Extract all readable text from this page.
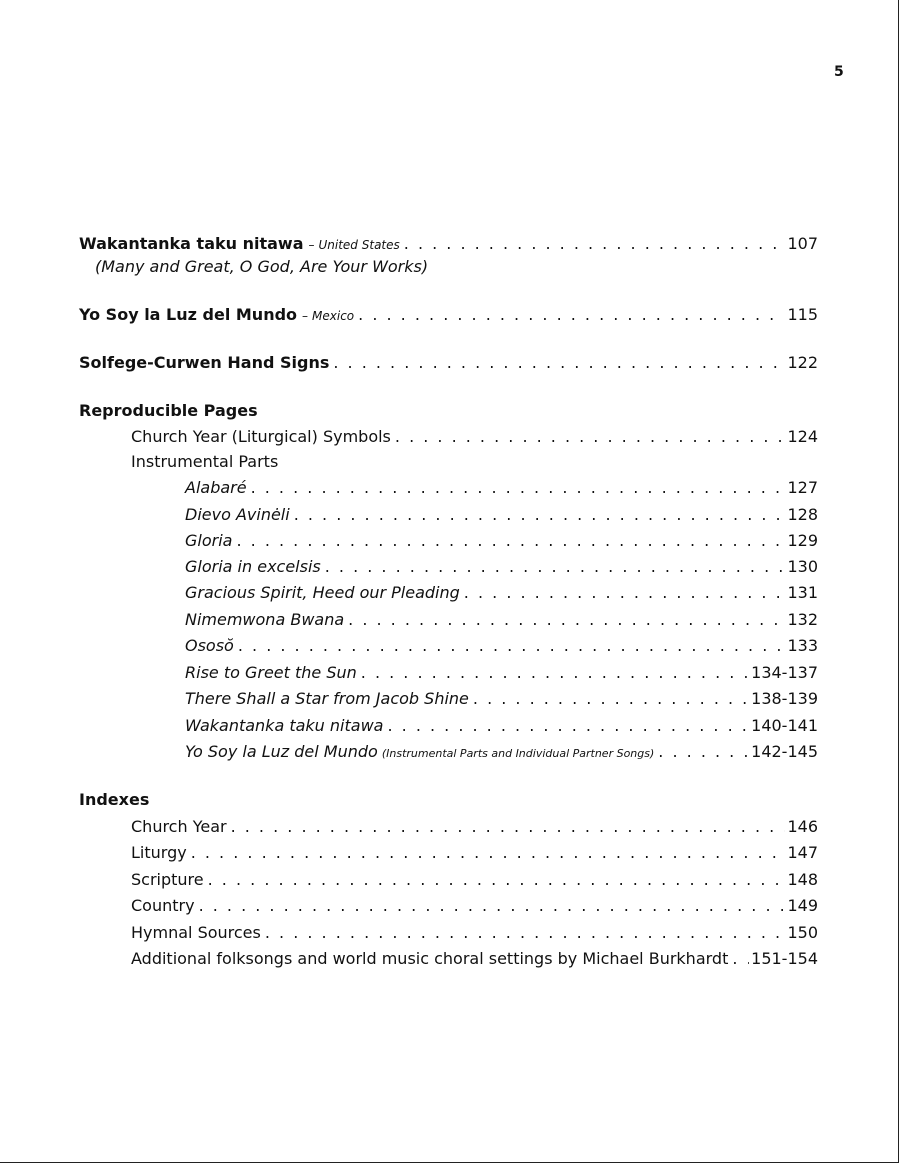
5
Wakantanka taku nitawa – United States . . .	107
(Many and Great, O God, Are Your Works)
Yo Soy la Luz del Mundo – Mexico . . .	115
Solfege-Curwen Hand Signs . . .	122
Reproducible Pages
Church Year (Liturgical) Symbols . . .	124
Instrumental Parts
Alabaré . . .	127
Dievo Avinėli . . .	128
Gloria . . .	129
Gloria in excelsis . . .	130
Gracious Spirit, Heed our Pleading . . .	131
Nimemwona Bwana . . .	132
Ososŏ . . .	133
Rise to Greet the Sun . . .	134-137
There Shall a Star from Jacob Shine . . .	138-139
Wakantanka taku nitawa . . .	140-141
Yo Soy la Luz del Mundo (Instrumental Parts and Individual Partner Songs) . . .	142-145
Indexes
Church Year . . .	146
Liturgy . . .	147
Scripture . . .	148
Country . . .	149
Hymnal Sources . . .	150
Additional folksongs and world music choral settings by Michael Burkhardt . . . 151-154
